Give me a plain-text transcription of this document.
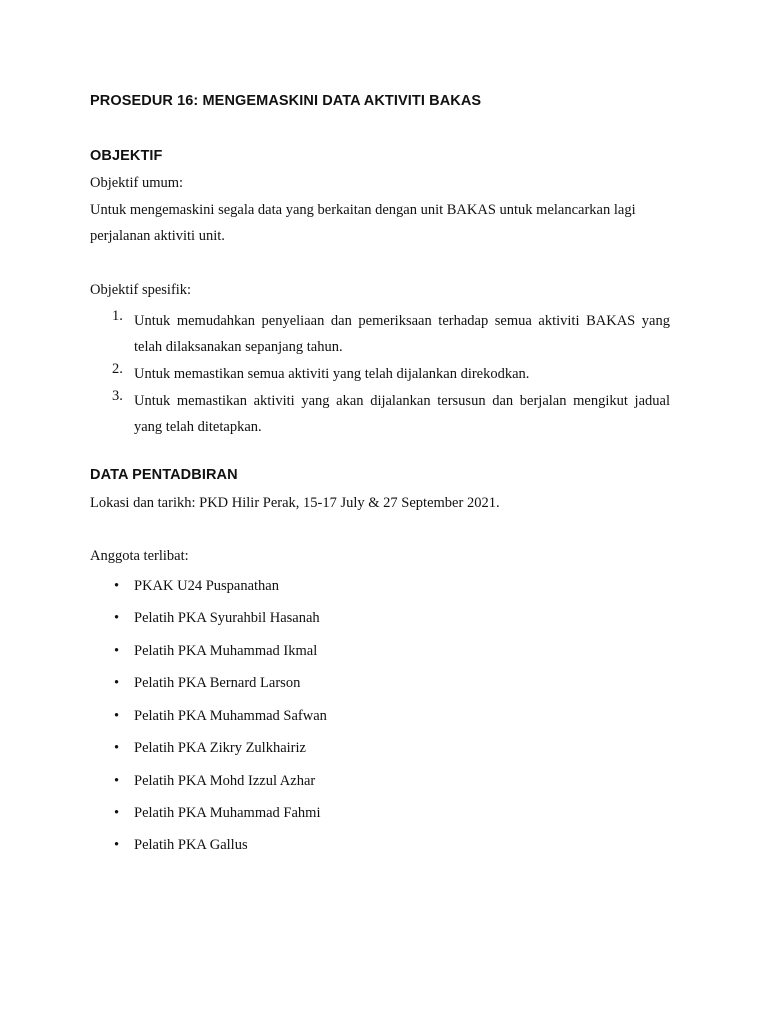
PROSEDUR 16: MENGEMASKINI DATA AKTIVITI BAKAS
OBJEKTIF
Objektif umum:
Untuk mengemaskini segala data yang berkaitan dengan unit BAKAS untuk melancarkan lagi
perjalanan aktiviti unit.
Objektif spesifik:
1. Untuk memudahkan penyeliaan dan pemeriksaan terhadap semua aktiviti BAKAS yang telah dilaksanakan sepanjang tahun.
2. Untuk memastikan semua aktiviti yang telah dijalankan direkodkan.
3. Untuk memastikan aktiviti yang akan dijalankan tersusun dan berjalan mengikut jadual yang telah ditetapkan.
DATA PENTADBIRAN
Lokasi dan tarikh: PKD Hilir Perak, 15-17 July & 27 September 2021.
Anggota terlibat:
• PKAK U24 Puspanathan
• Pelatih PKA Syurahbil Hasanah
• Pelatih PKA Muhammad Ikmal
• Pelatih PKA Bernard Larson
• Pelatih PKA Muhammad Safwan
• Pelatih PKA Zikry Zulkhairiz
• Pelatih PKA Mohd Izzul Azhar
• Pelatih PKA Muhammad Fahmi
• Pelatih PKA Gallus
